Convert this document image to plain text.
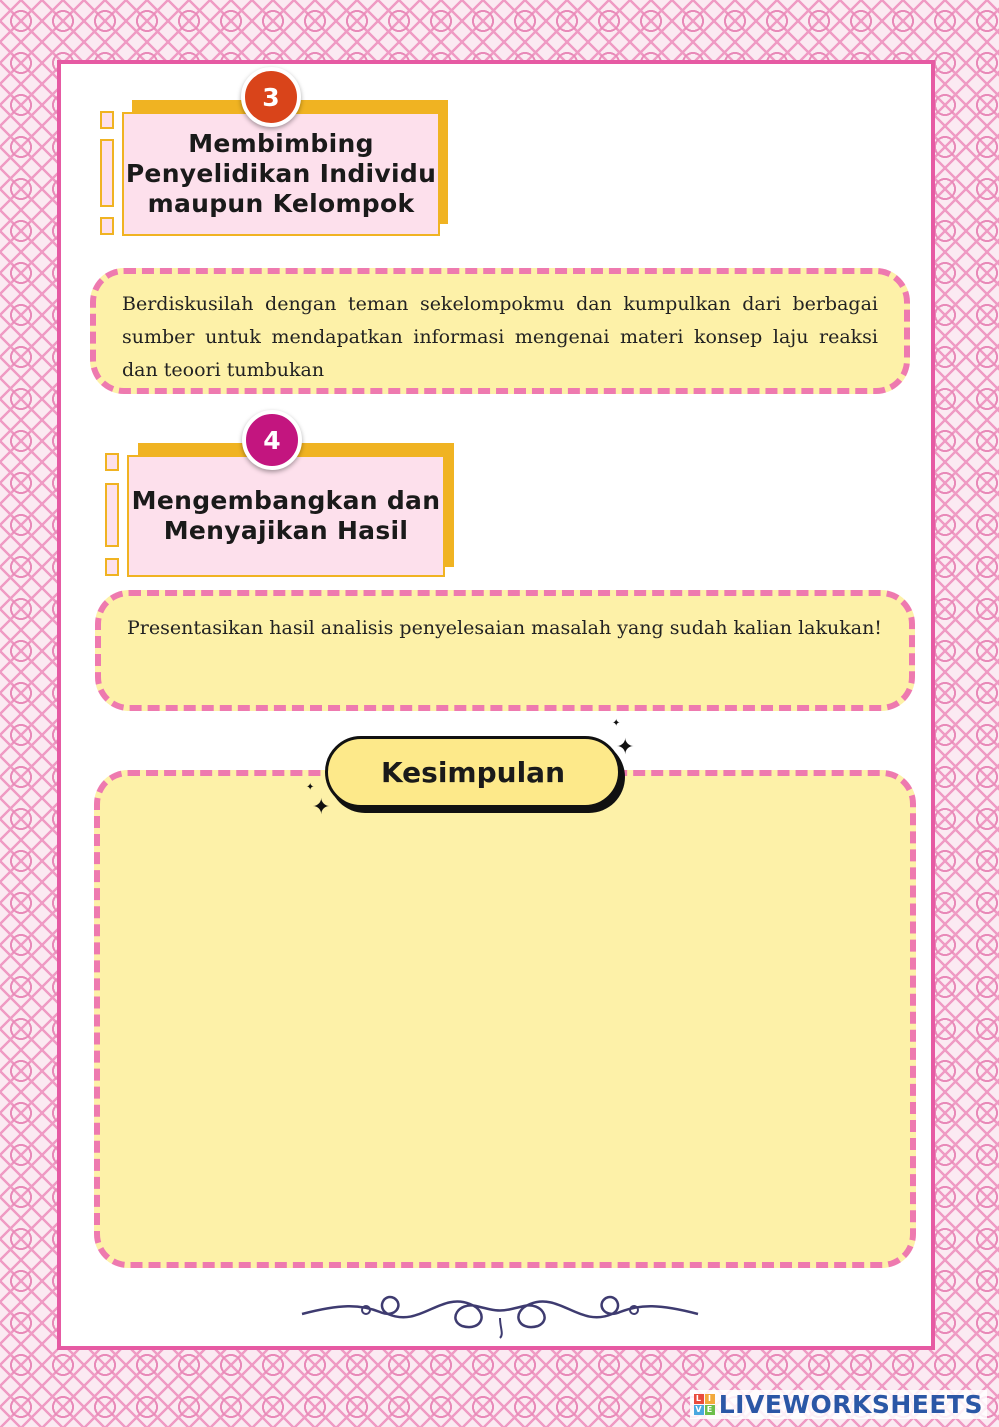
Membimbing
Penyelidikan Individu
maupun Kelompok
3
Berdiskusilah dengan teman sekelompokmu dan kumpulkan dari berbagai sumber untuk mendapatkan informasi mengenai materi konsep laju reaksi dan teoori tumbukan
Mengembangkan dan
Menyajikan Hasil
4
Presentasikan hasil analisis penyelesaian masalah yang sudah kalian lakukan!
Kesimpulan
✦
✦
✦
✦
L I
V E LIVEWORKSHEETS
